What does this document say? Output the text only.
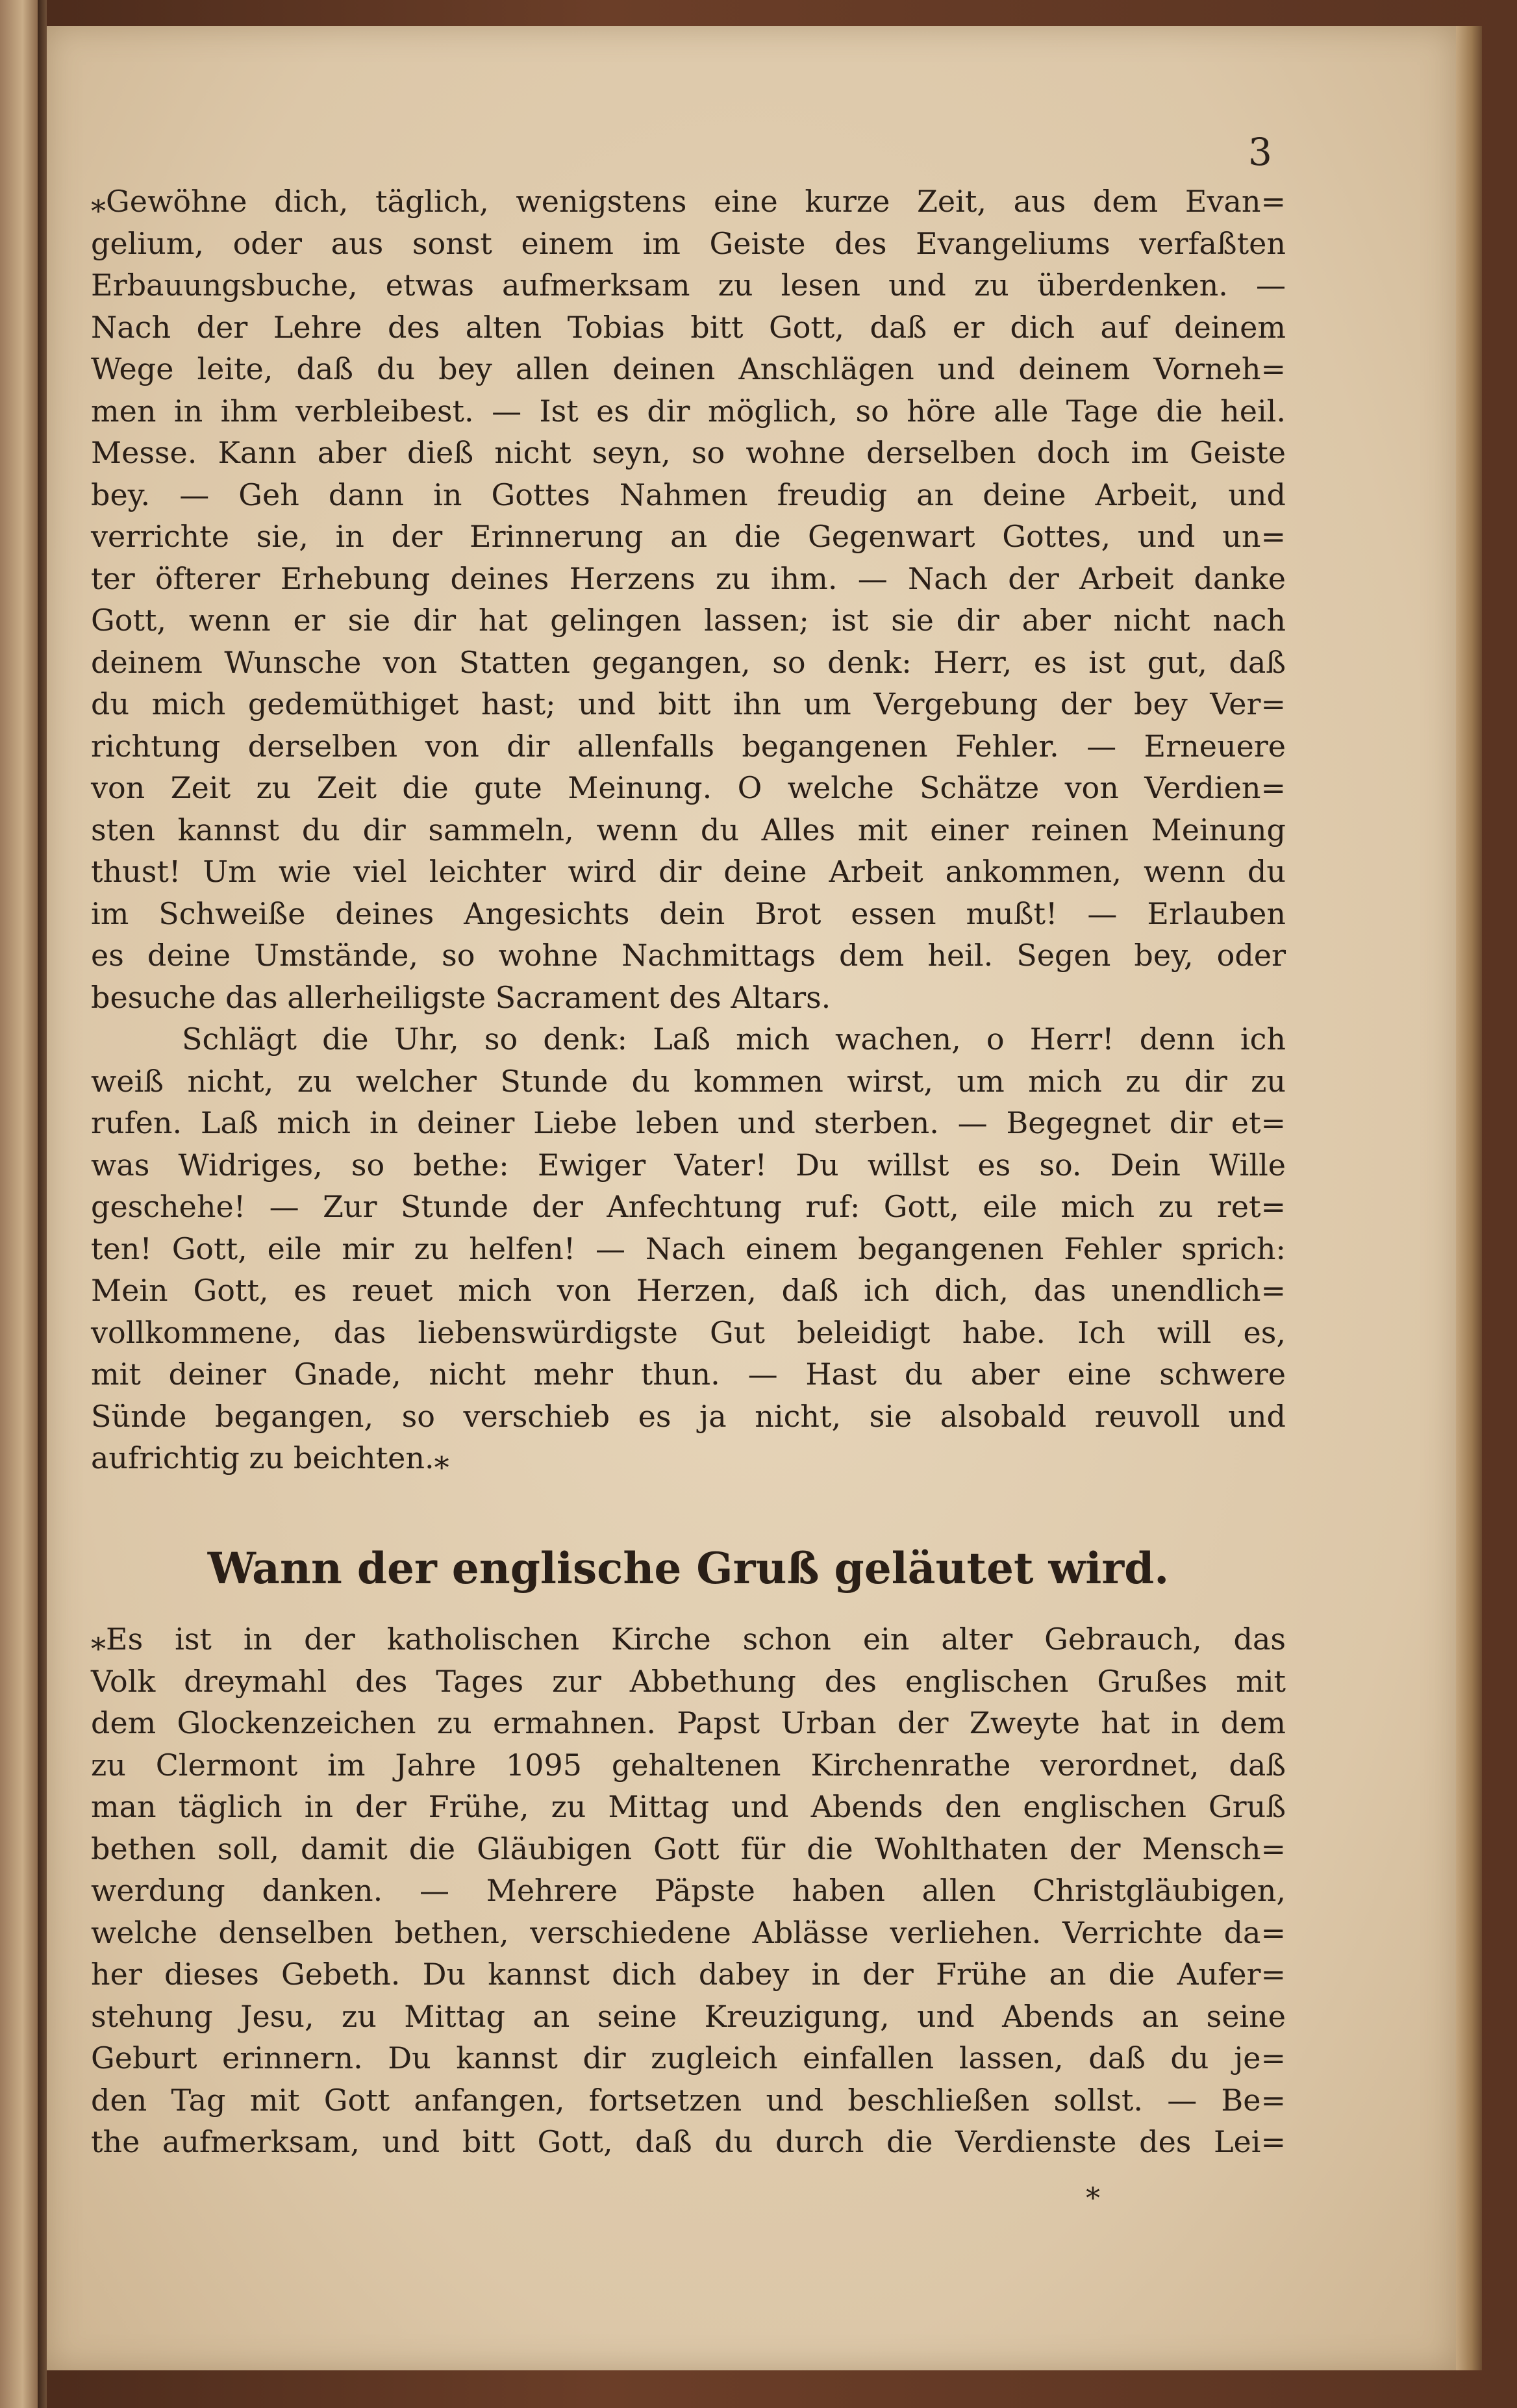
3
⁎Gewöhne dich, täglich, wenigstens eine kurze Zeit, aus dem Evan=
gelium, oder aus sonst einem im Geiste des Evangeliums verfaßten
Erbauungsbuche, etwas aufmerksam zu lesen und zu überdenken. —
Nach der Lehre des alten Tobias bitt Gott, daß er dich auf deinem
Wege leite, daß du bey allen deinen Anschlägen und deinem Vorneh=
men in ihm verbleibest. — Ist es dir möglich, so höre alle Tage die heil.
Messe. Kann aber dieß nicht seyn, so wohne derselben doch im Geiste
bey. — Geh dann in Gottes Nahmen freudig an deine Arbeit, und
verrichte sie, in der Erinnerung an die Gegenwart Gottes, und un=
ter öfterer Erhebung deines Herzens zu ihm. — Nach der Arbeit danke
Gott, wenn er sie dir hat gelingen lassen; ist sie dir aber nicht nach
deinem Wunsche von Statten gegangen, so denk: Herr, es ist gut, daß
du mich gedemüthiget hast; und bitt ihn um Vergebung der bey Ver=
richtung derselben von dir allenfalls begangenen Fehler. — Erneuere
von Zeit zu Zeit die gute Meinung. O welche Schätze von Verdien=
sten kannst du dir sammeln, wenn du Alles mit einer reinen Meinung
thust! Um wie viel leichter wird dir deine Arbeit ankommen, wenn du
im Schweiße deines Angesichts dein Brot essen mußt! — Erlauben
es deine Umstände, so wohne Nachmittags dem heil. Segen bey, oder
besuche das allerheiligste Sacrament des Altars.
Schlägt die Uhr, so denk: Laß mich wachen, o Herr! denn ich
weiß nicht, zu welcher Stunde du kommen wirst, um mich zu dir zu
rufen. Laß mich in deiner Liebe leben und sterben. — Begegnet dir et=
was Widriges, so bethe: Ewiger Vater! Du willst es so. Dein Wille
geschehe! — Zur Stunde der Anfechtung ruf: Gott, eile mich zu ret=
ten! Gott, eile mir zu helfen! — Nach einem begangenen Fehler sprich:
Mein Gott, es reuet mich von Herzen, daß ich dich, das unendlich=
vollkommene, das liebenswürdigste Gut beleidigt habe. Ich will es,
mit deiner Gnade, nicht mehr thun. — Hast du aber eine schwere
Sünde begangen, so verschieb es ja nicht, sie alsobald reuvoll und
aufrichtig zu beichten.⁎
Wann der englische Gruß geläutet wird.
⁎Es ist in der katholischen Kirche schon ein alter Gebrauch, das
Volk dreymahl des Tages zur Abbethung des englischen Grußes mit
dem Glockenzeichen zu ermahnen. Papst Urban der Zweyte hat in dem
zu Clermont im Jahre 1095 gehaltenen Kirchenrathe verordnet, daß
man täglich in der Frühe, zu Mittag und Abends den englischen Gruß
bethen soll, damit die Gläubigen Gott für die Wohlthaten der Mensch=
werdung danken. — Mehrere Päpste haben allen Christgläubigen,
welche denselben bethen, verschiedene Ablässe verliehen. Verrichte da=
her dieses Gebeth. Du kannst dich dabey in der Frühe an die Aufer=
stehung Jesu, zu Mittag an seine Kreuzigung, und Abends an seine
Geburt erinnern. Du kannst dir zugleich einfallen lassen, daß du je=
den Tag mit Gott anfangen, fortsetzen und beschließen sollst. — Be=
the aufmerksam, und bitt Gott, daß du durch die Verdienste des Lei=
*
